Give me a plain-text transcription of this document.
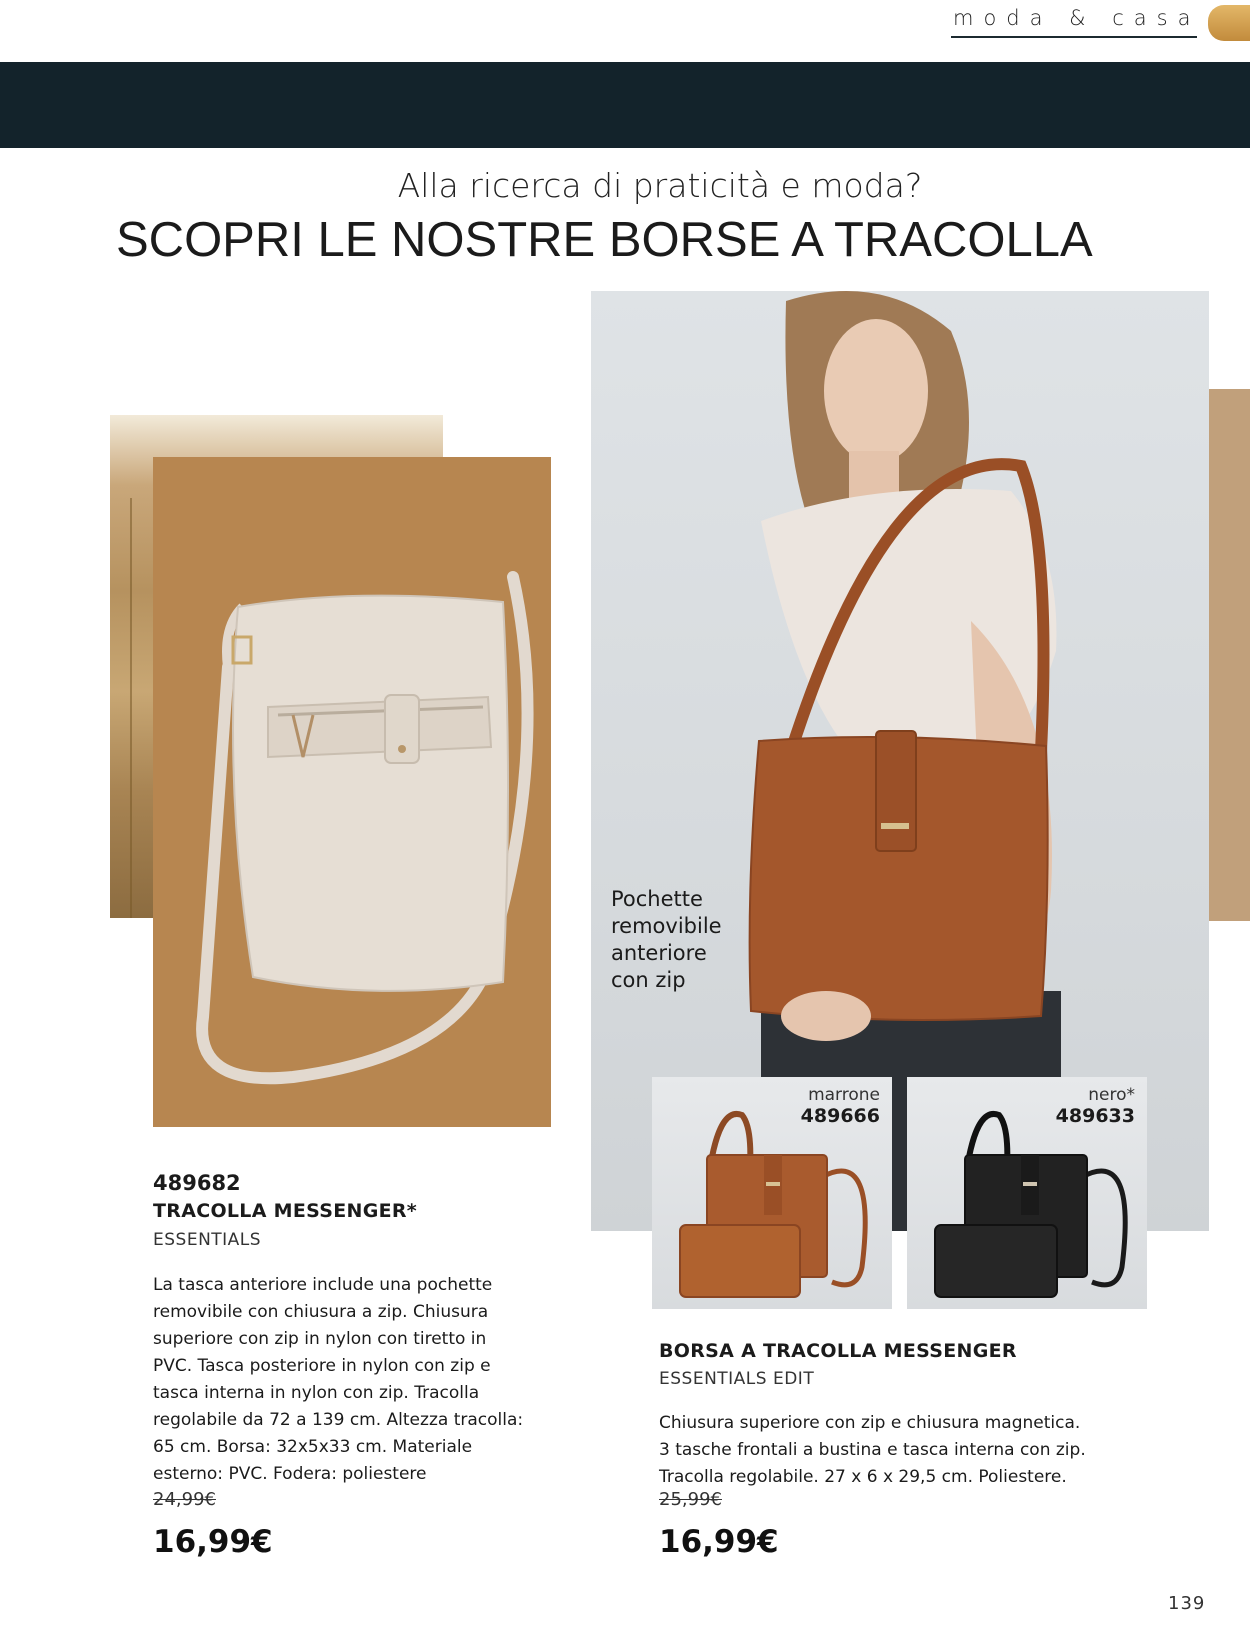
moda & casa
Alla ricerca di praticità e moda?
SCOPRI LE NOSTRE BORSE A TRACOLLA
Pochette
removibile
anteriore
con zip
marrone
489666
nero*
489633
489682
TRACOLLA MESSENGER*
ESSENTIALS
La tasca anteriore include una pochette
removibile con chiusura a zip. Chiusura
superiore con zip in nylon con tiretto in
PVC. Tasca posteriore in nylon con zip e
tasca interna in nylon con zip. Tracolla
regolabile da 72 a 139 cm. Altezza tracolla:
65 cm. Borsa: 32x5x33 cm. Materiale
esterno: PVC. Fodera: poliestere
24,99€
16,99€
BORSA A TRACOLLA MESSENGER
ESSENTIALS EDIT
Chiusura superiore con zip e chiusura magnetica.
3 tasche frontali a bustina e tasca interna con zip.
Tracolla regolabile. 27 x 6 x 29,5 cm. Poliestere.
25,99€
16,99€
139
